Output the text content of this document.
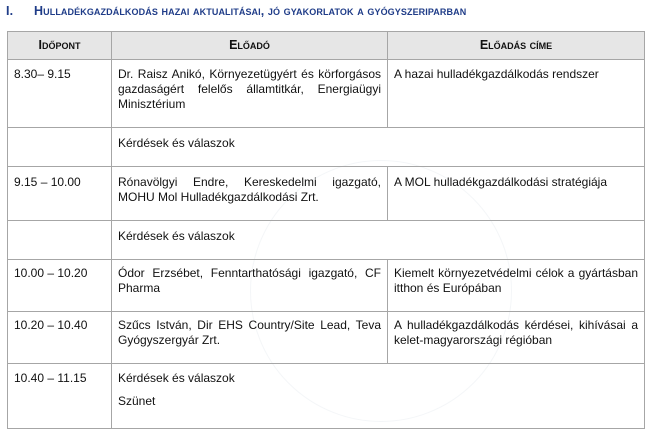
I. Hulladékgazdálkodás hazai aktualitásai, jó gyakorlatok a gyógyszeriparban
Időpont	Előadó	Előadás címe
8.30– 9.15	Dr. Raisz Anikó, Környezetügyért és körforgásos gazdaságért felelős államtitkár, Energiaügyi Minisztérium	A hazai hulladékgazdálkodás rendszer
	Kérdések és válaszok	
9.15 – 10.00	Rónavölgyi Endre, Kereskedelmi igazgató, MOHU Mol Hulladékgazdálkodási Zrt.	A MOL hulladékgazdálkodási stratégiája
	Kérdések és válaszok	
10.00 – 10.20	Ódor Erzsébet, Fenntarthatósági igazgató, CF Pharma	Kiemelt környezetvédelmi célok a gyártásban itthon és Európában
10.20 – 10.40	Szűcs István, Dir EHS Country/Site Lead, Teva Gyógyszergyár Zrt.	A hulladékgazdálkodás kérdései, kihívásai a kelet-magyarországi régióban
10.40 – 11.15	Kérdések és válaszok
Szünet	
